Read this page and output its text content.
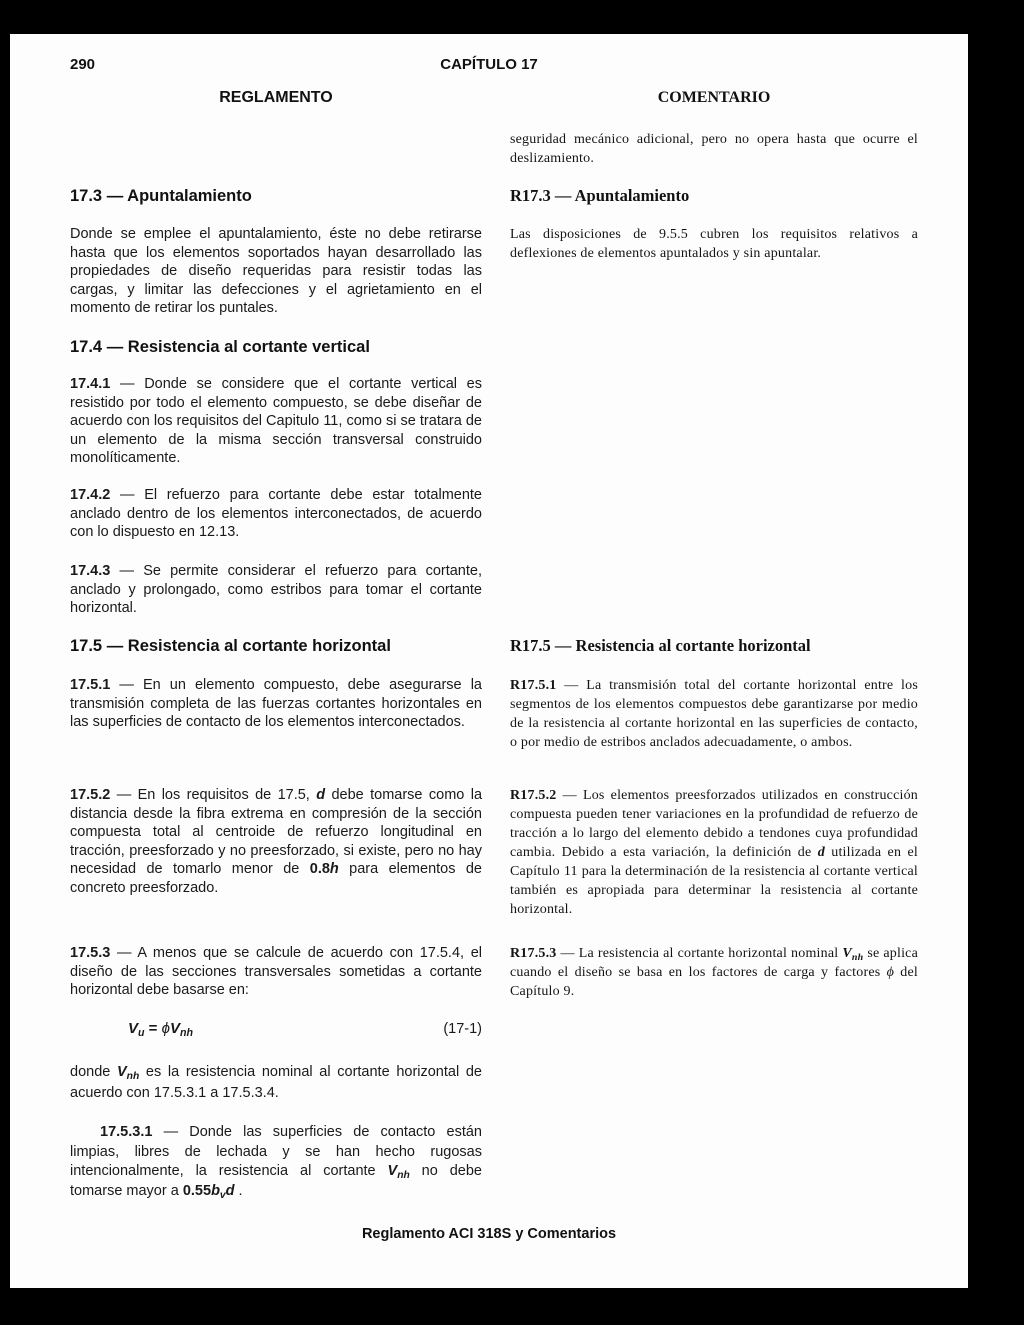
290	CAPÍTULO 17
REGLAMENTO	COMENTARIO
seguridad mecánico adicional, pero no opera hasta que ocurre el deslizamiento.
17.3 — Apuntalamiento	R17.3 — Apuntalamiento
Donde se emplee el apuntalamiento, éste no debe retirarse hasta que los elementos soportados hayan desarrollado las propiedades de diseño requeridas para resistir todas las cargas, y limitar las defecciones y el agrietamiento en el momento de retirar los puntales.
Las disposiciones de 9.5.5 cubren los requisitos relativos a deflexiones de elementos apuntalados y sin apuntalar.
17.4 — Resistencia al cortante vertical
17.4.1 — Donde se considere que el cortante vertical es resistido por todo el elemento compuesto, se debe diseñar de acuerdo con los requisitos del Capitulo 11, como si se tratara de un elemento de la misma sección transversal construido monolíticamente.
17.4.2 — El refuerzo para cortante debe estar totalmente anclado dentro de los elementos interconectados, de acuerdo con lo dispuesto en 12.13.
17.4.3 — Se permite considerar el refuerzo para cortante, anclado y prolongado, como estribos para tomar el cortante horizontal.
17.5 — Resistencia al cortante horizontal	R17.5 — Resistencia al cortante horizontal
17.5.1 — En un elemento compuesto, debe asegurarse la transmisión completa de las fuerzas cortantes horizontales en las superficies de contacto de los elementos interconectados.
R17.5.1 — La transmisión total del cortante horizontal entre los segmentos de los elementos compuestos debe garantizarse por medio de la resistencia al cortante horizontal en las superficies de contacto, o por medio de estribos anclados adecuadamente, o ambos.
17.5.2 — En los requisitos de 17.5, d debe tomarse como la distancia desde la fibra extrema en compresión de la sección compuesta total al centroide de refuerzo longitudinal en tracción, preesforzado y no preesforzado, si existe, pero no hay necesidad de tomarlo menor de 0.8h para elementos de concreto preesforzado.
R17.5.2 — Los elementos preesforzados utilizados en construcción compuesta pueden tener variaciones en la profundidad de refuerzo de tracción a lo largo del elemento debido a tendones cuya profundidad cambia. Debido a esta variación, la definición de d utilizada en el Capítulo 11 para la determinación de la resistencia al cortante vertical también es apropiada para determinar la resistencia al cortante horizontal.
17.5.3 — A menos que se calcule de acuerdo con 17.5.4, el diseño de las secciones transversales sometidas a cortante horizontal debe basarse en:
R17.5.3 — La resistencia al cortante horizontal nominal $V_{nh}$ se aplica cuando el diseño se basa en los factores de carga y factores ϕ del Capítulo 9.
$V_u = \phi V_{nh}$	(17-1)
donde $V_{nh}$ es la resistencia nominal al cortante horizontal de acuerdo con 17.5.3.1 a 17.5.3.4.
17.5.3.1 — Donde las superficies de contacto están limpias, libres de lechada y se han hecho rugosas intencionalmente, la resistencia al cortante $V_{nh}$ no debe tomarse mayor a $0.55b_vd$ .
Reglamento ACI 318S y Comentarios
